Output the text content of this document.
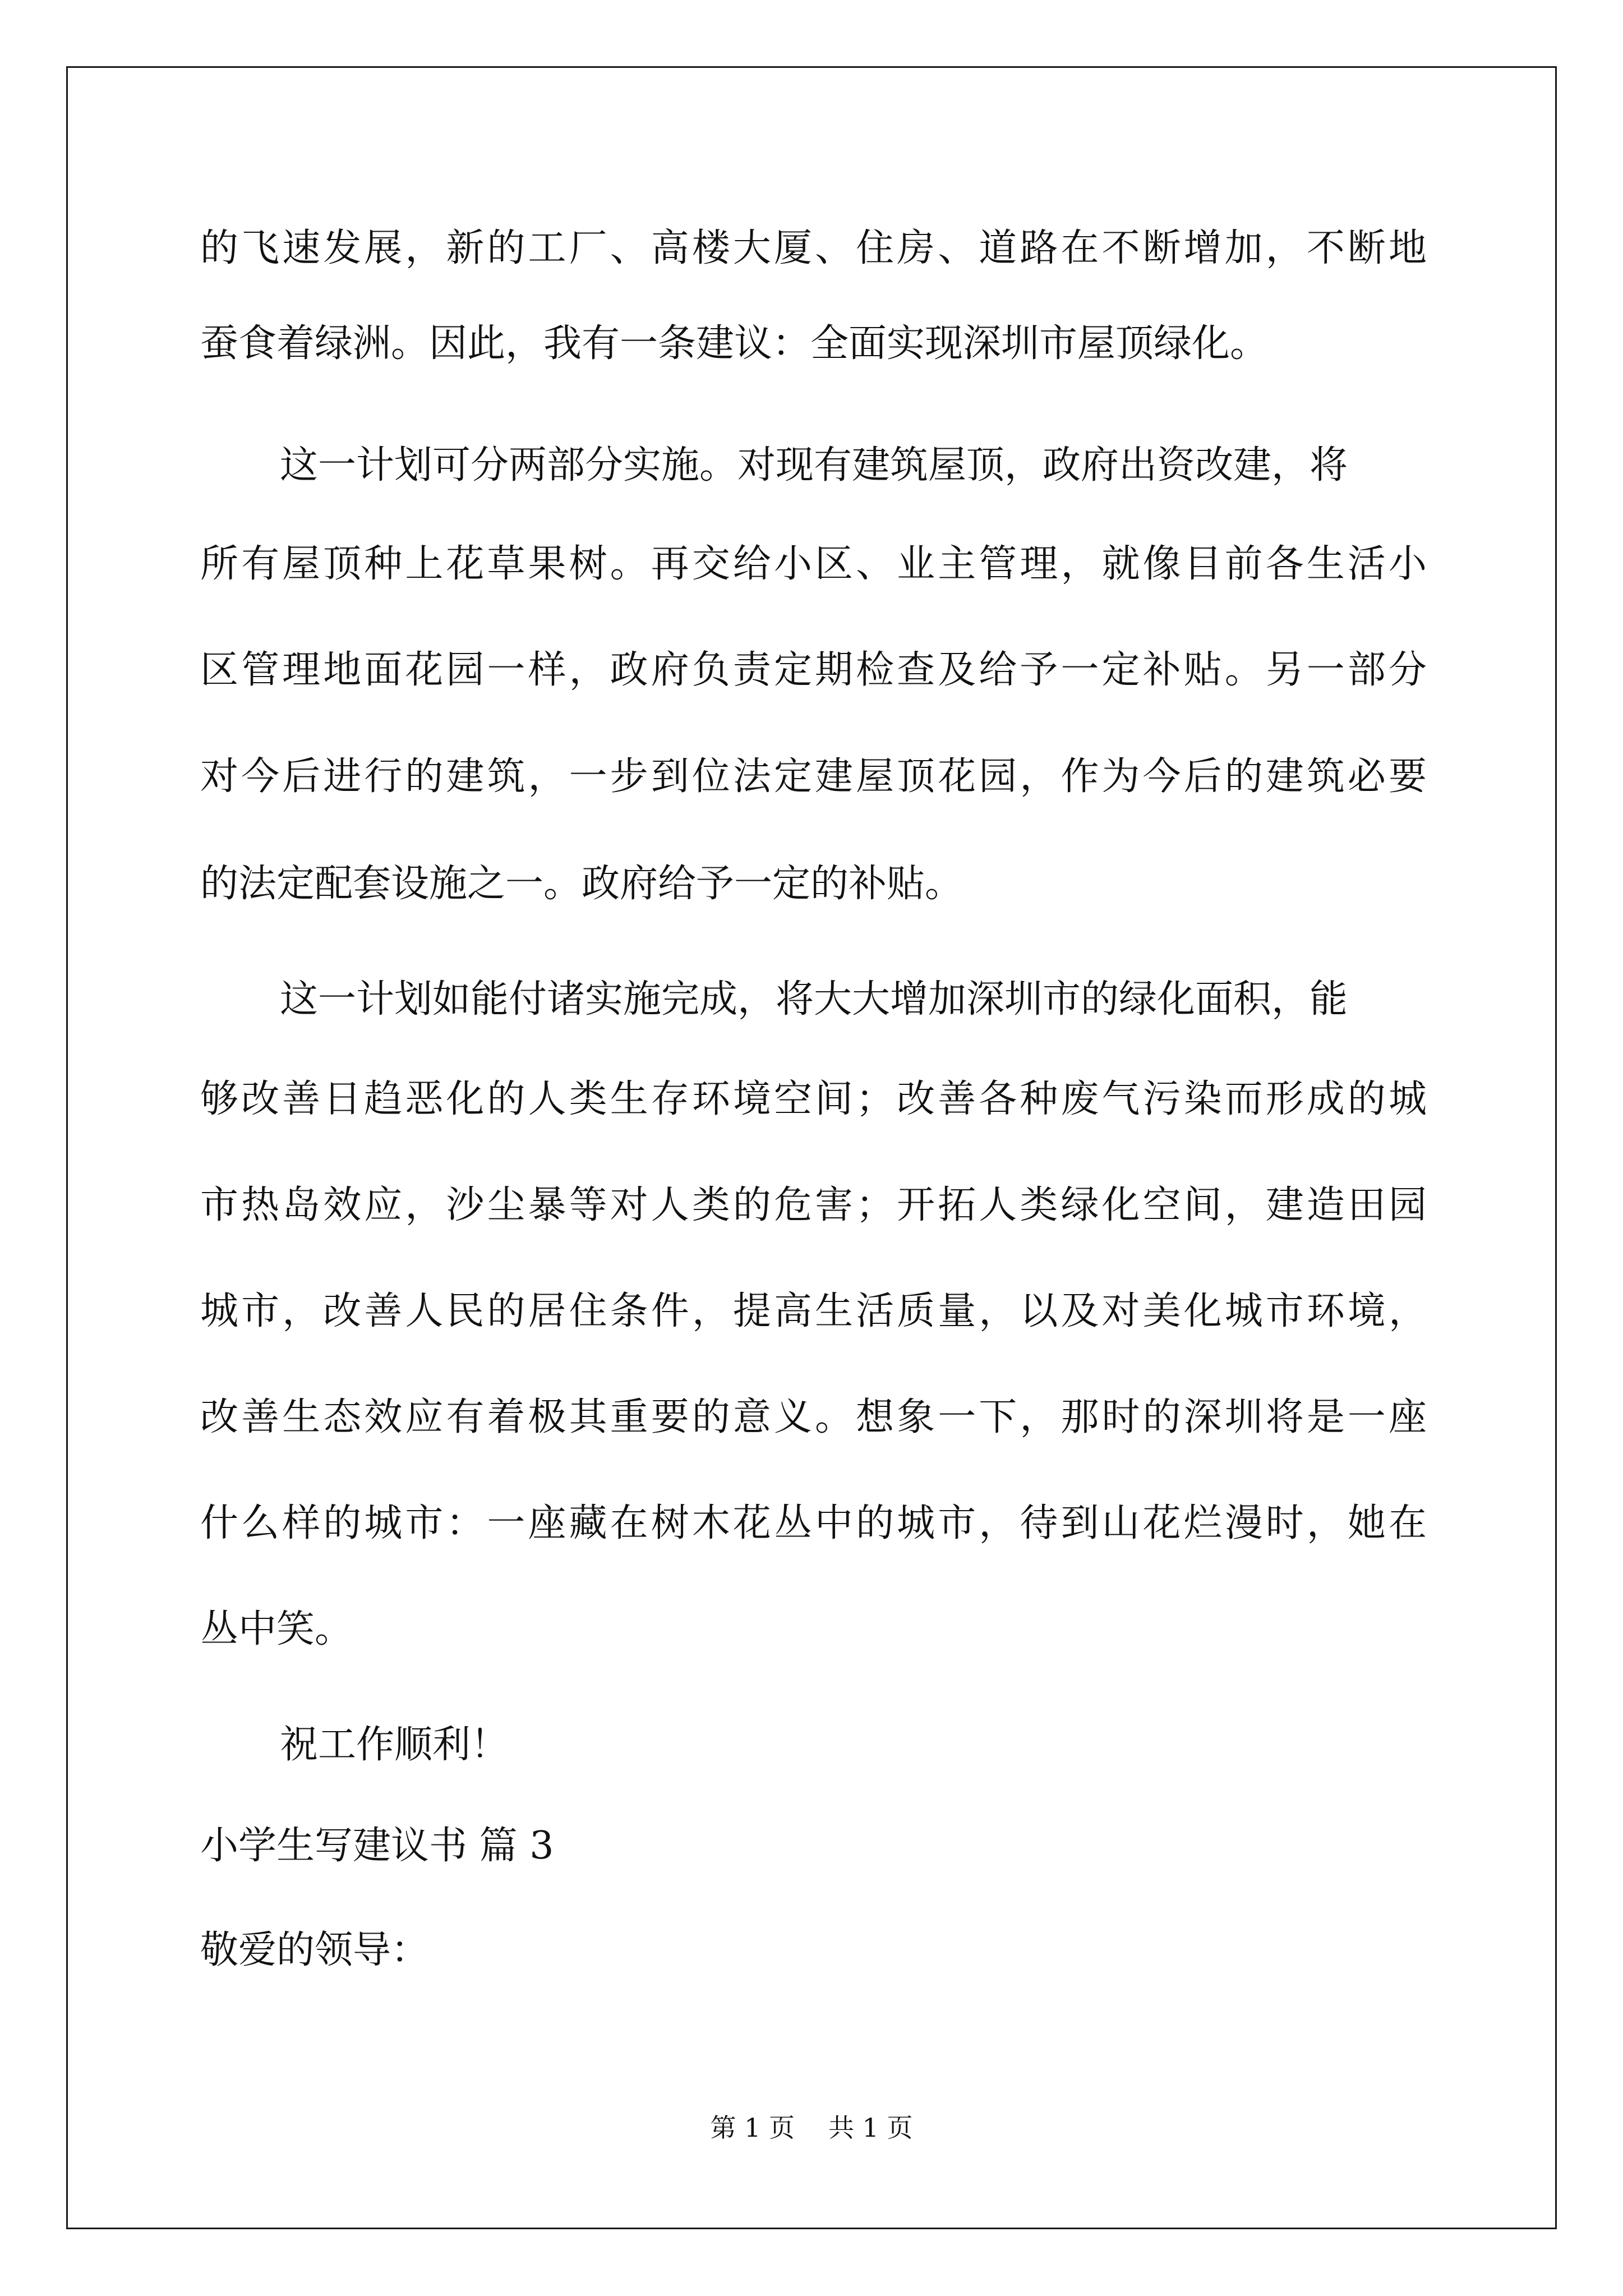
的飞速发展，新的工厂、高楼大厦、住房、道路在不断增加，不断地
蚕食着绿洲。因此，我有一条建议：全面实现深圳市屋顶绿化。
这一计划可分两部分实施。对现有建筑屋顶，政府出资改建，将
所有屋顶种上花草果树。再交给小区、业主管理，就像目前各生活小
区管理地面花园一样，政府负责定期检查及给予一定补贴。另一部分
对今后进行的建筑，一步到位法定建屋顶花园，作为今后的建筑必要
的法定配套设施之一。政府给予一定的补贴。
这一计划如能付诸实施完成，将大大增加深圳市的绿化面积，能
够改善日趋恶化的人类生存环境空间；改善各种废气污染而形成的城
市热岛效应，沙尘暴等对人类的危害；开拓人类绿化空间，建造田园
城市，改善人民的居住条件，提高生活质量，以及对美化城市环境，
改善生态效应有着极其重要的意义。想象一下，那时的深圳将是一座
什么样的城市：一座藏在树木花丛中的城市，待到山花烂漫时，她在
丛中笑。
祝工作顺利！
小学生写建议书 篇 3
敬爱的领导：
第 1 页 共 1 页
